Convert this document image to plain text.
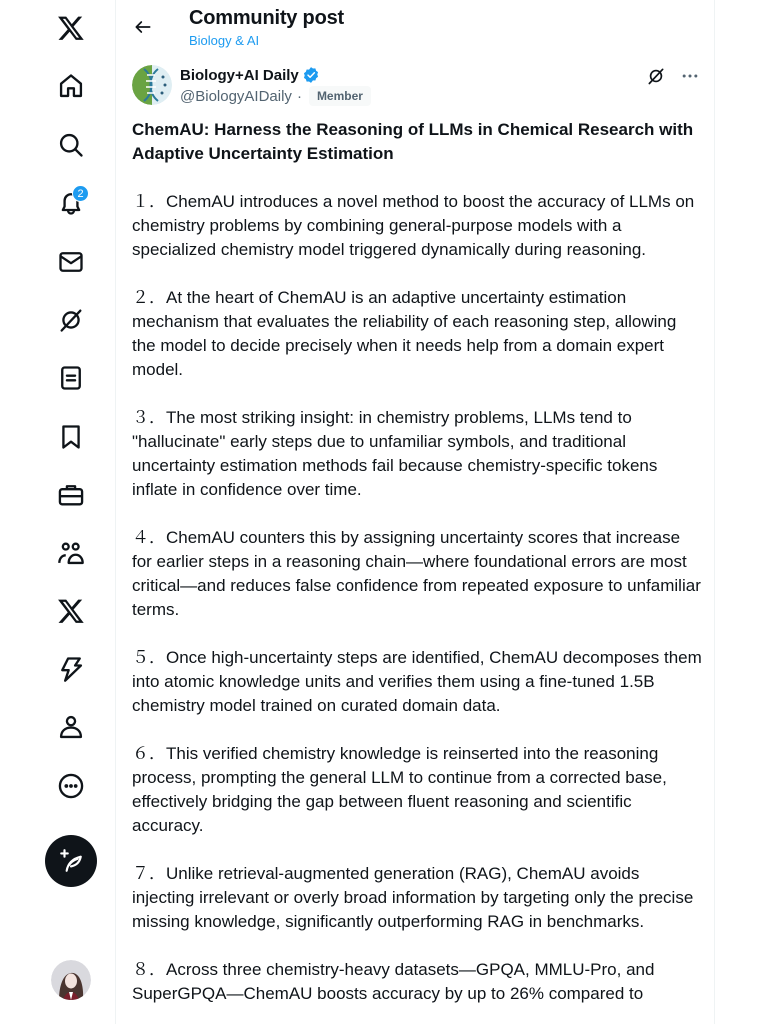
2
Community post
Biology & AI
Biology+AI Daily
@BiologyAIDaily ·	Member
ChemAU: Harness the Reasoning of LLMs in Chemical Research with Adaptive Uncertainty Estimation

１．ChemAU introduces a novel method to boost the accuracy of LLMs on chemistry problems by combining general-purpose models with a specialized chemistry model triggered dynamically during reasoning.

２．At the heart of ChemAU is an adaptive uncertainty estimation mechanism that evaluates the reliability of each reasoning step, allowing the model to decide precisely when it needs help from a domain expert model.

３．The most striking insight: in chemistry problems, LLMs tend to "hallucinate" early steps due to unfamiliar symbols, and traditional uncertainty estimation methods fail because chemistry-specific tokens inflate in confidence over time.

４．ChemAU counters this by assigning uncertainty scores that increase for earlier steps in a reasoning chain—where foundational errors are most critical—and reduces false confidence from repeated exposure to unfamiliar terms.

５．Once high-uncertainty steps are identified, ChemAU decomposes them into atomic knowledge units and verifies them using a fine-tuned 1.5B chemistry model trained on curated domain data.

６．This verified chemistry knowledge is reinserted into the reasoning process, prompting the general LLM to continue from a corrected base, effectively bridging the gap between fluent reasoning and scientific accuracy.

７．Unlike retrieval-augmented generation (RAG), ChemAU avoids injecting irrelevant or overly broad information by targeting only the precise missing knowledge, significantly outperforming RAG in benchmarks.

８．Across three chemistry-heavy datasets—GPQA, MMLU-Pro, and SuperGPQA—ChemAU boosts accuracy by up to 26% compared to
